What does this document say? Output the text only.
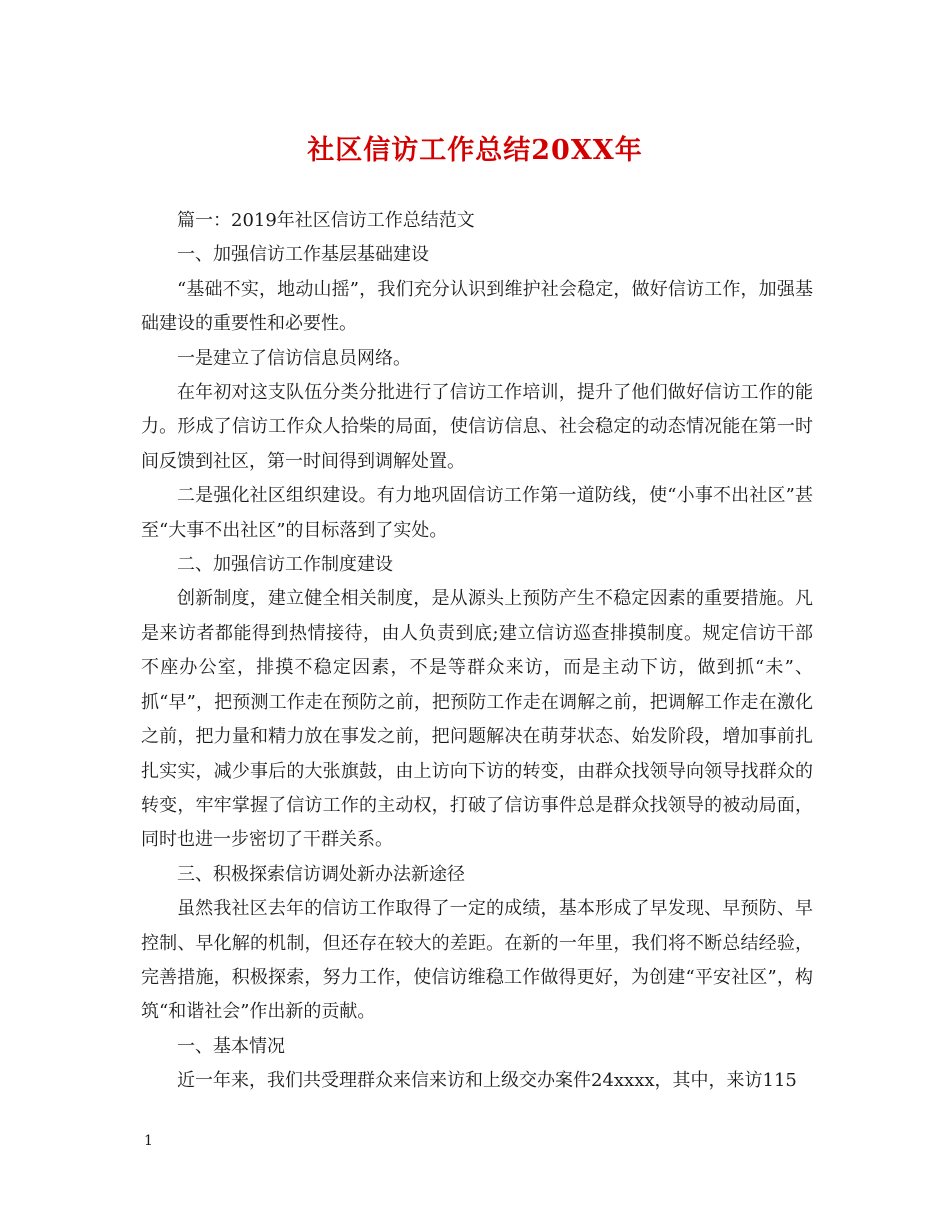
社区信访工作总结20XX年

篇一：2019年社区信访工作总结范文

一、加强信访工作基层基础建设

“基础不实，地动山摇”，我们充分认识到维护社会稳定，做好信访工作，加强基础建设的重要性和必要性。

一是建立了信访信息员网络。

在年初对这支队伍分类分批进行了信访工作培训，提升了他们做好信访工作的能力。形成了信访工作众人拾柴的局面，使信访信息、社会稳定的动态情况能在第一时间反馈到社区，第一时间得到调解处置。

二是强化社区组织建设。有力地巩固信访工作第一道防线，使“小事不出社区”甚至“大事不出社区”的目标落到了实处。

二、加强信访工作制度建设

创新制度，建立健全相关制度，是从源头上预防产生不稳定因素的重要措施。凡是来访者都能得到热情接待，由人负责到底;建立信访巡查排摸制度。规定信访干部不座办公室，排摸不稳定因素，不是等群众来访，而是主动下访，做到抓“未”、抓“早”，把预测工作走在预防之前，把预防工作走在调解之前，把调解工作走在激化之前，把力量和精力放在事发之前，把问题解决在萌芽状态、始发阶段，增加事前扎扎实实，减少事后的大张旗鼓，由上访向下访的转变，由群众找领导向领导找群众的转变，牢牢掌握了信访工作的主动权，打破了信访事件总是群众找领导的被动局面，同时也进一步密切了干群关系。

三、积极探索信访调处新办法新途径

虽然我社区去年的信访工作取得了一定的成绩，基本形成了早发现、早预防、早控制、早化解的机制，但还存在较大的差距。在新的一年里，我们将不断总结经验，完善措施，积极探索，努力工作，使信访维稳工作做得更好，为创建“平安社区”，构筑“和谐社会”作出新的贡献。

一、基本情况

近一年来，我们共受理群众来信来访和上级交办案件24xxxx，其中，来访115

1
